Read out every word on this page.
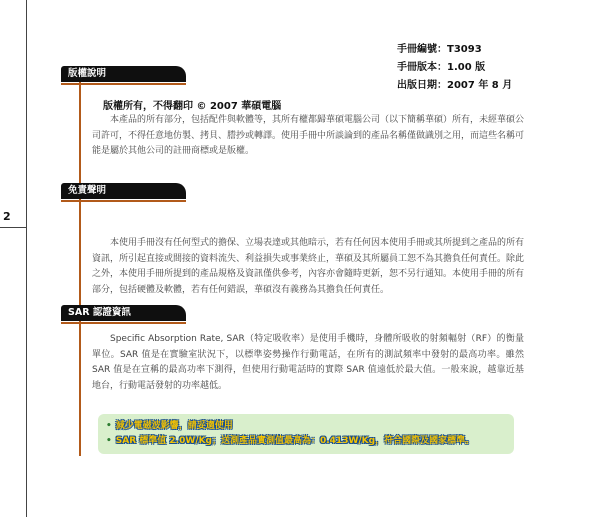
2
手冊編號：T3093
手冊版本：1.00 版
出版日期：2007 年 8 月
版權說明
版權所有，不得翻印 © 2007 華碩電腦
本產品的所有部分，包括配件與軟體等，其所有權都歸華碩電腦公司（以下簡稱華碩）所有，未經華碩公司許可，不得任意地仿製、拷貝、謄抄或轉譯。使用手冊中所談論到的產品名稱僅做識別之用，而這些名稱可能是屬於其他公司的註冊商標或是版權。
免責聲明
本使用手冊沒有任何型式的擔保、立場表達或其他暗示，若有任何因本使用手冊或其所提到之產品的所有資訊，所引起直接或間接的資料流失、利益損失或事業終止，華碩及其所屬員工恕不為其擔負任何責任。除此之外，本使用手冊所提到的產品規格及資訊僅供參考，內容亦會隨時更新，恕不另行通知。本使用手冊的所有部分，包括硬體及軟體，若有任何錯誤，華碩沒有義務為其擔負任何責任。
SAR 認證資訊
Specific Absorption Rate, SAR（特定吸收率）是使用手機時，身體所吸收的射頻輻射（RF）的衡量單位。SAR 值是在實驗室狀況下，以標準姿勢操作行動電話，在所有的測試頻率中發射的最高功率。雖然 SAR 值是在宣稱的最高功率下測得，但使用行動電話時的實際 SAR 值遠低於最大值。一般來說，越靠近基地台，行動電話發射的功率越低。
• 減少電磁波影響，請妥適使用
• SAR 標準值 2.0W/Kg；送測產品實測值最高為：0.413W/Kg，符合國際及國家標準。
